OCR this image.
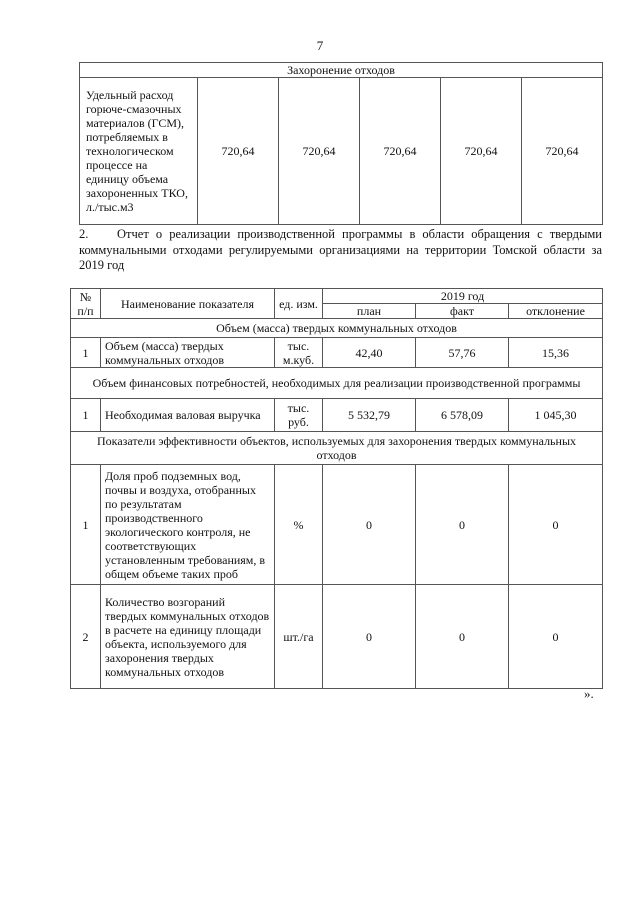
7
Захоронение отходов
Удельный расход горюче-смазочных материалов (ГСМ), потребляемых в технологическом процессе на единицу объема захороненных ТКО, л./тыс.м3	720,64	720,64	720,64	720,64	720,64
2. Отчет о реализации производственной программы в области обращения с твердыми коммунальными отходами регулируемыми организациями на территории Томской области за 2019 год
№ п/п	Наименование показателя	ед. изм.	2019 год		
			план	факт	отклонение
Объем (масса) твердых коммунальных отходов					
1	Объем (масса) твердых коммунальных отходов	тыс. м.куб.	42,40	57,76	15,36
Объем финансовых потребностей, необходимых для реализации производственной программы					
1	Необходимая валовая выручка	тыс. руб.	5 532,79	6 578,09	1 045,30
Показатели эффективности объектов, используемых для захоронения твердых коммунальных отходов					
1	Доля проб подземных вод, почвы и воздуха, отобранных по результатам производственного экологического контроля, не соответствующих установленным требованиям, в общем объеме таких проб	%	0	0	0
2	Количество возгораний твердых коммунальных отходов в расчете на единицу площади объекта, используемого для захоронения твердых коммунальных отходов	шт./га	0	0	0
».
